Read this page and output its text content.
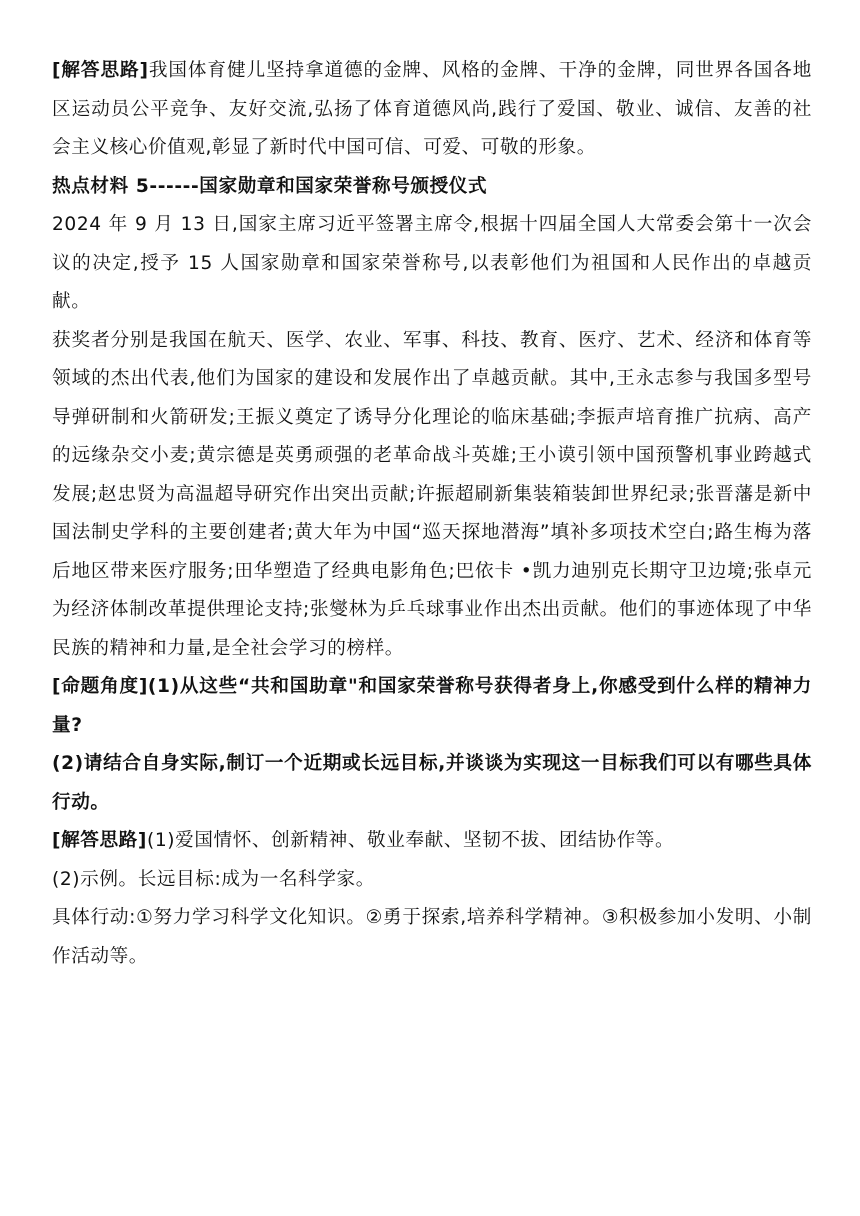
[解答思路]我国体育健儿坚持拿道德的金牌、风格的金牌、干净的金牌，同世界各国各地区运动员公平竞争、友好交流,弘扬了体育道德风尚,践行了爱国、敬业、诚信、友善的社会主义核心价值观,彰显了新时代中国可信、可爱、可敬的形象。

热点材料 5------国家勋章和国家荣誉称号颁授仪式

2024 年 9 月 13 日,国家主席习近平签署主席令,根据十四届全国人大常委会第十一次会议的决定,授予 15 人国家勋章和国家荣誉称号,以表彰他们为祖国和人民作出的卓越贡献。

获奖者分别是我国在航天、医学、农业、军事、科技、教育、医疗、艺术、经济和体育等领域的杰出代表,他们为国家的建设和发展作出了卓越贡献。其中,王永志参与我国多型号导弹研制和火箭研发;王振义奠定了诱导分化理论的临床基础;李振声培育推广抗病、高产的远缘杂交小麦;黄宗德是英勇顽强的老革命战斗英雄;王小谟引领中国预警机事业跨越式发展;赵忠贤为高温超导研究作出突出贡献;许振超刷新集装箱装卸世界纪录;张晋藩是新中国法制史学科的主要创建者;黄大年为中国“巡天探地潜海”填补多项技术空白;路生梅为落后地区带来医疗服务;田华塑造了经典电影角色;巴依卡 •凯力迪别克长期守卫边境;张卓元为经济体制改革提供理论支持;张燮林为乒乓球事业作出杰出贡献。他们的事迹体现了中华民族的精神和力量,是全社会学习的榜样。

[命题角度](1)从这些“共和国助章"和国家荣誉称号获得者身上,你感受到什么样的精神力量?

(2)请结合自身实际,制订一个近期或长远目标,并谈谈为实现这一目标我们可以有哪些具体行动。

[解答思路](1)爱国情怀、创新精神、敬业奉献、坚韧不拔、团结协作等。

(2)示例。长远目标:成为一名科学家。

具体行动:①努力学习科学文化知识。②勇于探索,培养科学精神。③积极参加小发明、小制作活动等。
